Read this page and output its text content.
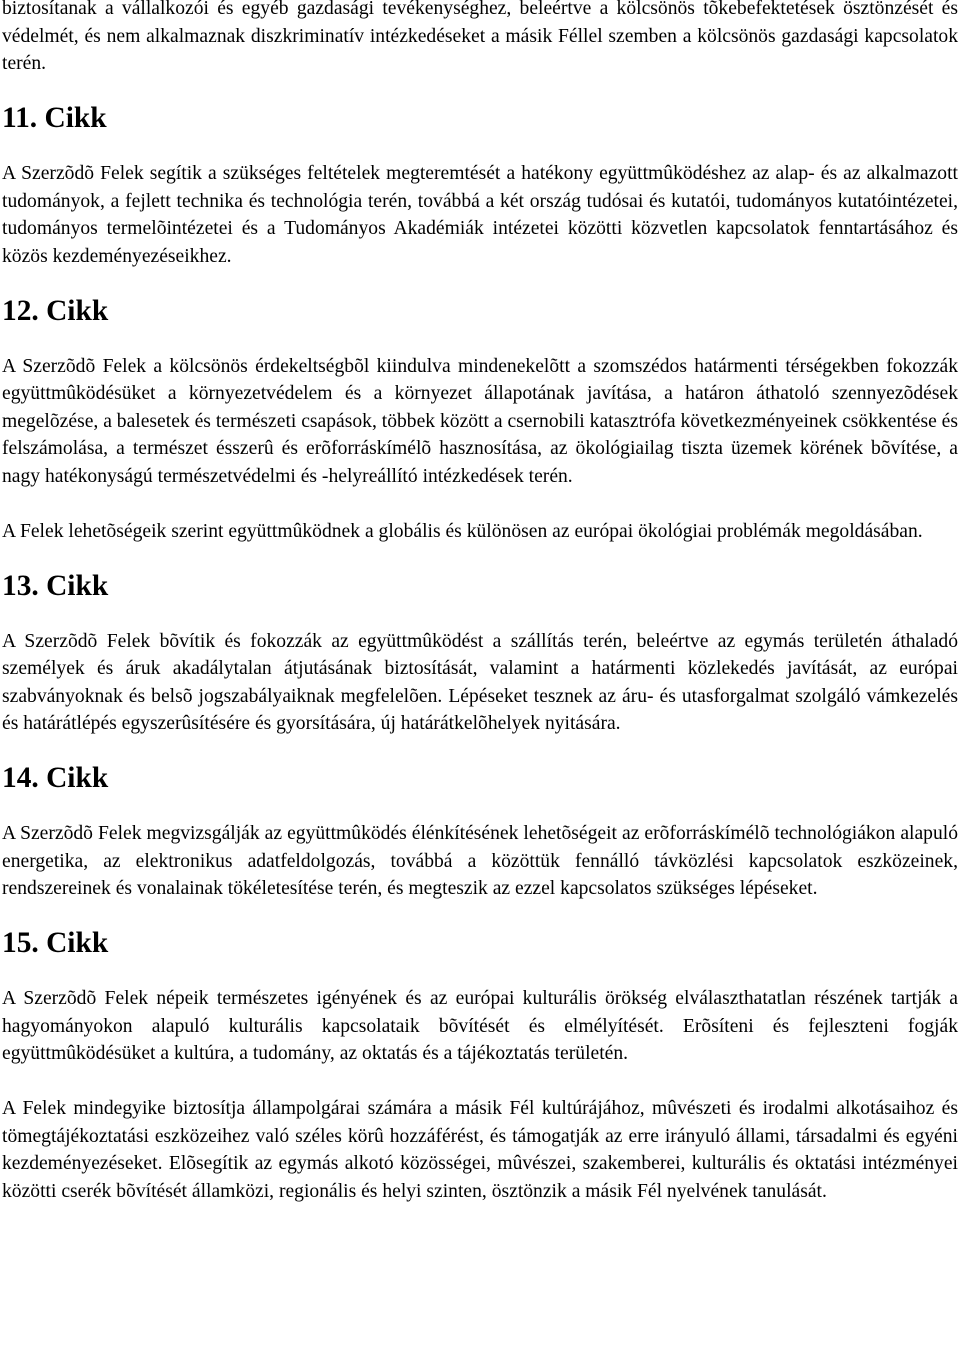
biztosítanak a vállalkozói és egyéb gazdasági tevékenységhez, beleértve a kölcsönös tõkebefektetések ösztönzését és védelmét, és nem alkalmaznak diszkriminatív intézkedéseket a másik Féllel szemben a kölcsönös gazdasági kapcsolatok terén.

11. Cikk

A Szerzõdõ Felek segítik a szükséges feltételek megteremtését a hatékony együttmûködéshez az alap- és az alkalmazott tudományok, a fejlett technika és technológia terén, továbbá a két ország tudósai és kutatói, tudományos kutatóintézetei, tudományos termelõintézetei és a Tudományos Akadémiák intézetei közötti közvetlen kapcsolatok fenntartásához és közös kezdeményezéseikhez.

12. Cikk

A Szerzõdõ Felek a kölcsönös érdekeltségbõl kiindulva mindenekelõtt a szomszédos határmenti térségekben fokozzák együttmûködésüket a környezetvédelem és a környezet állapotának javítása, a határon áthatoló szennyezõdések megelõzése, a balesetek és természeti csapások, többek között a csernobili katasztrófa következményeinek csökkentése és felszámolása, a természet ésszerû és erõforráskímélõ hasznosítása, az ökológiailag tiszta üzemek körének bõvítése, a nagy hatékonyságú természetvédelmi és -helyreállító intézkedések terén.

A Felek lehetõségeik szerint együttmûködnek a globális és különösen az európai ökológiai problémák megoldásában.

13. Cikk

A Szerzõdõ Felek bõvítik és fokozzák az együttmûködést a szállítás terén, beleértve az egymás területén áthaladó személyek és áruk akadálytalan átjutásának biztosítását, valamint a határmenti közlekedés javítását, az európai szabványoknak és belsõ jogszabályaiknak megfelelõen. Lépéseket tesznek az áru- és utasforgalmat szolgáló vámkezelés és határátlépés egyszerûsítésére és gyorsítására, új határátkelõhelyek nyitására.

14. Cikk

A Szerzõdõ Felek megvizsgálják az együttmûködés élénkítésének lehetõségeit az erõforráskímélõ technológiákon alapuló energetika, az elektronikus adatfeldolgozás, továbbá a közöttük fennálló távközlési kapcsolatok eszközeinek, rendszereinek és vonalainak tökéletesítése terén, és megteszik az ezzel kapcsolatos szükséges lépéseket.

15. Cikk

A Szerzõdõ Felek népeik természetes igényének és az európai kulturális örökség elválaszthatatlan részének tartják a hagyományokon alapuló kulturális kapcsolataik bõvítését és elmélyítését. Erõsíteni és fejleszteni fogják együttmûködésüket a kultúra, a tudomány, az oktatás és a tájékoztatás területén.

A Felek mindegyike biztosítja állampolgárai számára a másik Fél kultúrájához, mûvészeti és irodalmi alkotásaihoz és tömegtájékoztatási eszközeihez való széles körû hozzáférést, és támogatják az erre irányuló állami, társadalmi és egyéni kezdeményezéseket. Elõsegítik az egymás alkotó közösségei, mûvészei, szakemberei, kulturális és oktatási intézményei közötti cserék bõvítését államközi, regionális és helyi szinten, ösztönzik a másik Fél nyelvének tanulását.
